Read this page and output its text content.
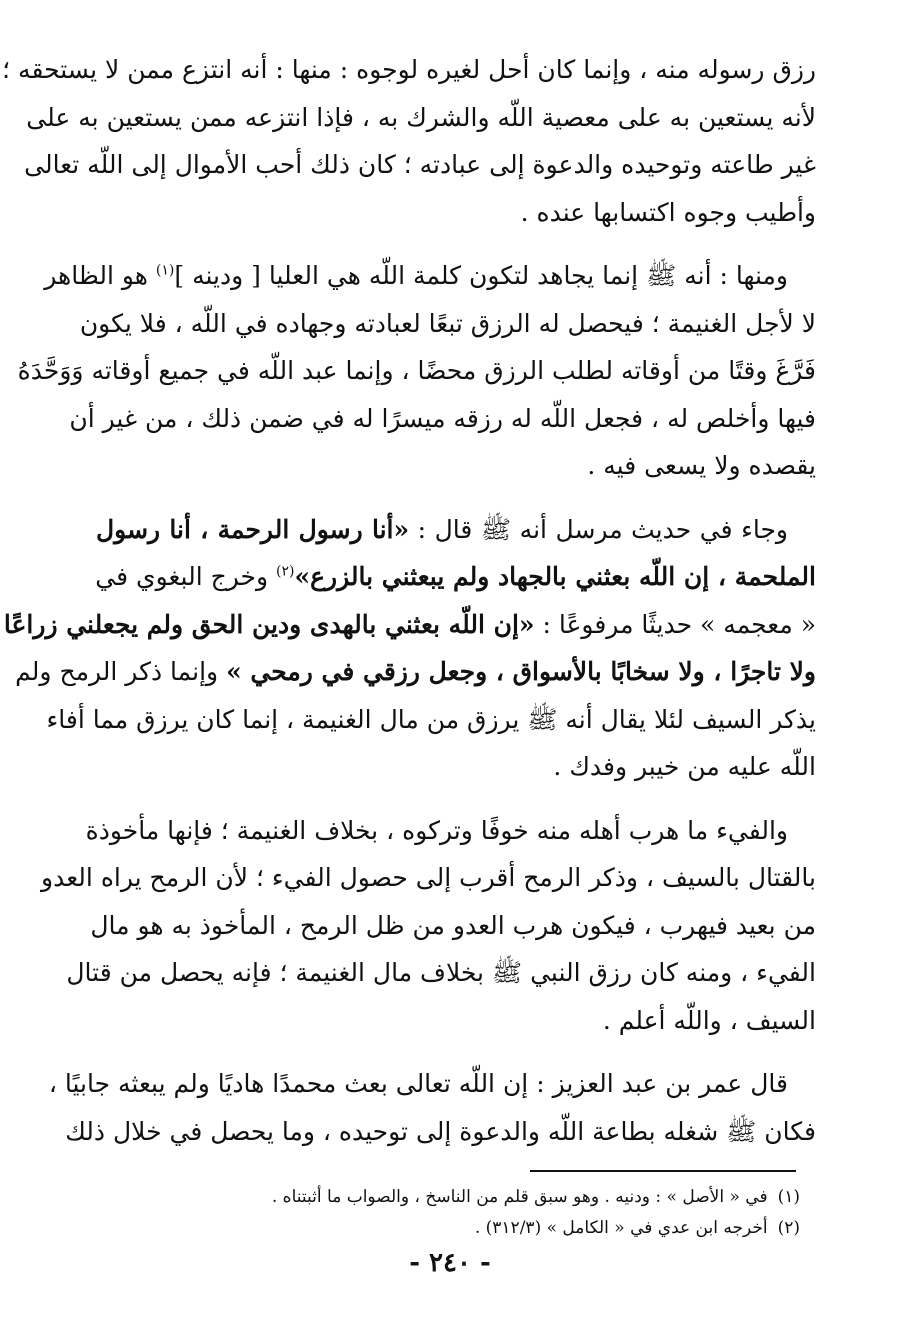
رزق رسوله منه ، وإنما كان أحل لغيره لوجوه : منها : أنه انتزع ممن لا يستحقه ؛
لأنه يستعين به على معصية اللّه والشرك به ، فإذا انتزعه ممن يستعين به على
غير طاعته وتوحيده والدعوة إلى عبادته ؛ كان ذلك أحب الأموال إلى اللّه تعالى
وأطيب وجوه اكتسابها عنده .
ومنها : أنه ﷺ إنما يجاهد لتكون كلمة اللّه هي العليا [ ودينه ]$^{(١)}$ هو الظاهر
لا لأجل الغنيمة ؛ فيحصل له الرزق تبعًا لعبادته وجهاده في اللّه ، فلا يكون
فَرَّغَ وقتًا من أوقاته لطلب الرزق محضًا ، وإنما عبد اللّه في جميع أوقاته وَوَحَّدَهُ
فيها وأخلص له ، فجعل اللّه له رزقه ميسرًا له في ضمن ذلك ، من غير أن
يقصده ولا يسعى فيه .
وجاء في حديث مرسل أنه ﷺ قال : «أنا رسول الرحمة ، أنا رسول
الملحمة ، إن اللّه بعثني بالجهاد ولم يبعثني بالزرع»$^{(٢)}$ وخرج البغوي في
« معجمه » حديثًا مرفوعًا : «إن اللّه بعثني بالهدى ودين الحق ولم يجعلني زراعًا
ولا تاجرًا ، ولا سخابًا بالأسواق ، وجعل رزقي في رمحي » وإنما ذكر الرمح ولم
يذكر السيف لئلا يقال أنه ﷺ يرزق من مال الغنيمة ، إنما كان يرزق مما أفاء
اللّه عليه من خيبر وفدك .
والفيء ما هرب أهله منه خوفًا وتركوه ، بخلاف الغنيمة ؛ فإنها مأخوذة
بالقتال بالسيف ، وذكر الرمح أقرب إلى حصول الفيء ؛ لأن الرمح يراه العدو
من بعيد فيهرب ، فيكون هرب العدو من ظل الرمح ، المأخوذ به هو مال
الفيء ، ومنه كان رزق النبي ﷺ بخلاف مال الغنيمة ؛ فإنه يحصل من قتال
السيف ، واللّه أعلم .
قال عمر بن عبد العزيز : إن اللّه تعالى بعث محمدًا هاديًا ولم يبعثه جابيًا ،
فكان ﷺ شغله بطاعة اللّه والدعوة إلى توحيده ، وما يحصل في خلال ذلك
(١)في « الأصل » : ودنيه . وهو سبق قلم من الناسخ ، والصواب ما أثبتناه .
(٢)أخرجه ابن عدي في « الكامل » (٣١٢/٣) .
- ٢٤٠ -
